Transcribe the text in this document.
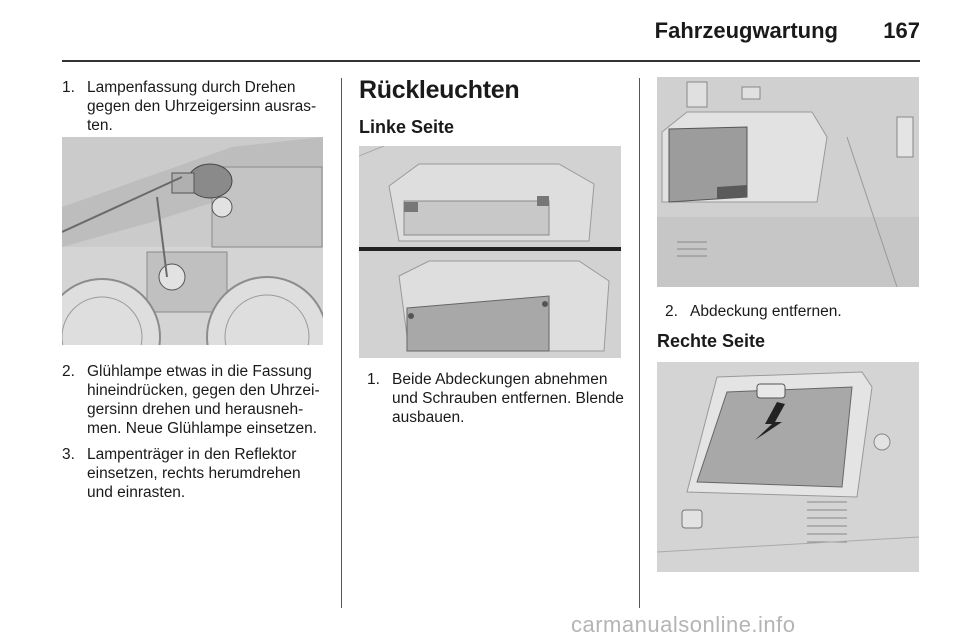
Fahrzeugwartung 167
1. Lampenfassung durch Drehen gegen den Uhrzeigersinn ausras-ten.
2. Glühlampe etwas in die Fassung hineindrücken, gegen den Uhrzei-gersinn drehen und herausneh-men. Neue Glühlampe einsetzen.
3. Lampenträger in den Reflektor einsetzen, rechts herumdrehen und einrasten.
Rückleuchten
Linke Seite
1. Beide Abdeckungen abnehmen und Schrauben entfernen. Blende ausbauen.
2. Abdeckung entfernen.
Rechte Seite
carmanualsonline.info
